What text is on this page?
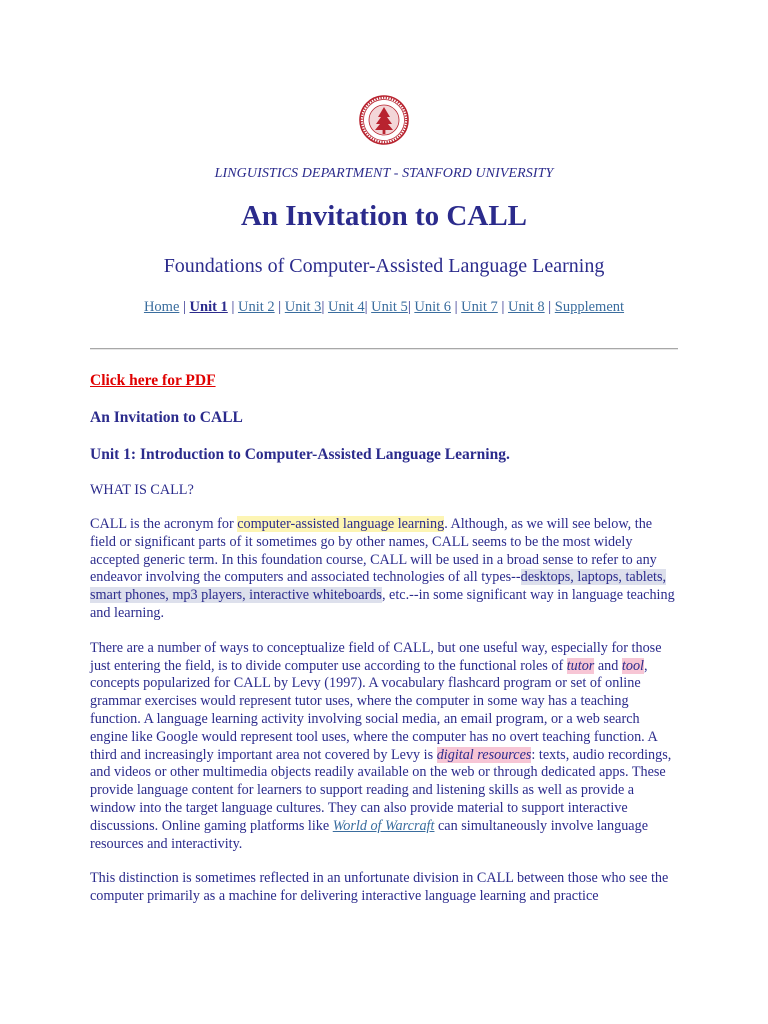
LINGUISTICS DEPARTMENT - STANFORD UNIVERSITY
An Invitation to CALL
Foundations of Computer-Assisted Language Learning
Home | Unit 1 | Unit 2 | Unit 3| Unit 4| Unit 5| Unit 6 | Unit 7 | Unit 8 | Supplement
Click here for PDF
An Invitation to CALL
Unit 1: Introduction to Computer-Assisted Language Learning.
WHAT IS CALL?

CALL is the acronym for computer-assisted language learning. Although, as we will see below, the field or significant parts of it sometimes go by other names, CALL seems to be the most widely accepted generic term. In this foundation course, CALL will be used in a broad sense to refer to any endeavor involving the computers and associated technologies of all types--desktops, laptops, tablets, smart phones, mp3 players, interactive whiteboards, etc.--in some significant way in language teaching and learning.

There are a number of ways to conceptualize field of CALL, but one useful way, especially for those just entering the field, is to divide computer use according to the functional roles of tutor and tool, concepts popularized for CALL by Levy (1997). A vocabulary flashcard program or set of online grammar exercises would represent tutor uses, where the computer in some way has a teaching function. A language learning activity involving social media, an email program, or a web search engine like Google would represent tool uses, where the computer has no overt teaching function. A third and increasingly important area not covered by Levy is digital resources: texts, audio recordings, and videos or other multimedia objects readily available on the web or through dedicated apps. These provide language content for learners to support reading and listening skills as well as provide a window into the target language cultures. They can also provide material to support interactive discussions. Online gaming platforms like World of Warcraft can simultaneously involve language resources and interactivity.

This distinction is sometimes reflected in an unfortunate division in CALL between those who see the computer primarily as a machine for delivering interactive language learning and practice
